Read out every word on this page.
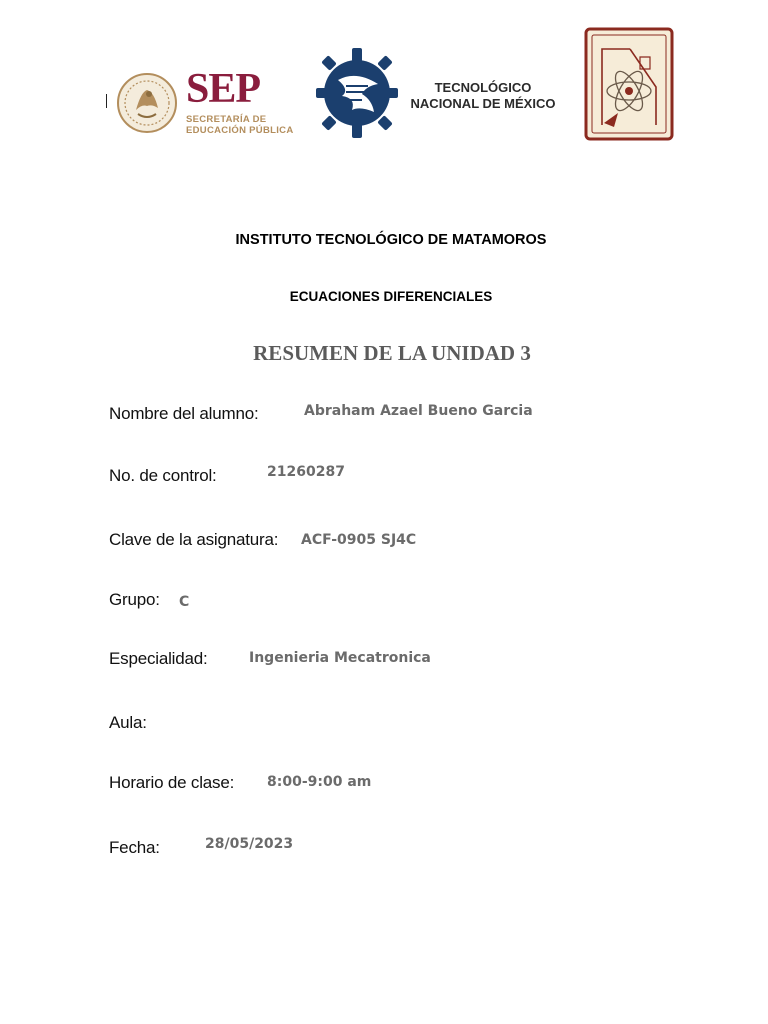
SEP
SECRETARÍA DE
EDUCACIÓN PÚBLICA
TECNOLÓGICO
NACIONAL DE MÉXICO
INSTITUTO TECNOLÓGICO DE MATAMOROS
ECUACIONES DIFERENCIALES
RESUMEN DE LA UNIDAD 3
Nombre del alumno:	Abraham Azael Bueno Garcia
No. de control:	21260287
Clave de la asignatura: ACF-0905 SJ4C
Grupo: C
Especialidad:	Ingenieria Mecatronica
Aula:
Horario de clase: 8:00-9:00 am
Fecha:	28/05/2023
